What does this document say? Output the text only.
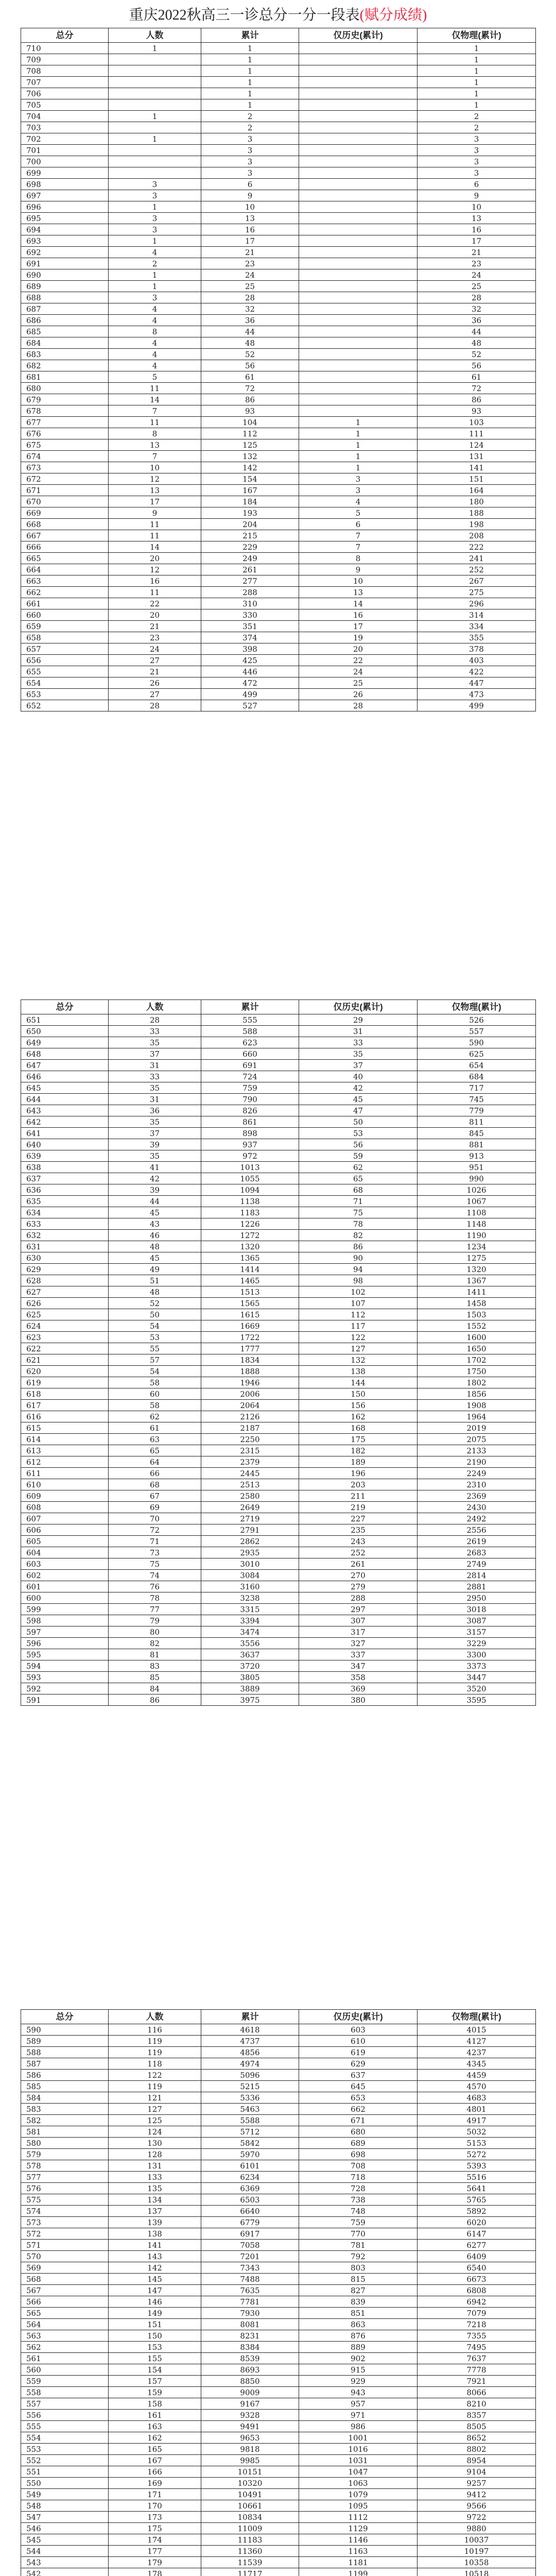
重庆2022秋高三一诊总分一分一段表(赋分成绩)
总分	人数	累计	仅历史(累计)	仅物理(累计)
710	1	1		1
709		1		1
708		1		1
707		1		1
706		1		1
705		1		1
704	1	2		2
703		2		2
702	1	3		3
701		3		3
700		3		3
699		3		3
698	3	6		6
697	3	9		9
696	1	10		10
695	3	13		13
694	3	16		16
693	1	17		17
692	4	21		21
691	2	23		23
690	1	24		24
689	1	25		25
688	3	28		28
687	4	32		32
686	4	36		36
685	8	44		44
684	4	48		48
683	4	52		52
682	4	56		56
681	5	61		61
680	11	72		72
679	14	86		86
678	7	93		93
677	11	104	1	103
676	8	112	1	111
675	13	125	1	124
674	7	132	1	131
673	10	142	1	141
672	12	154	3	151
671	13	167	3	164
670	17	184	4	180
669	9	193	5	188
668	11	204	6	198
667	11	215	7	208
666	14	229	7	222
665	20	249	8	241
664	12	261	9	252
663	16	277	10	267
662	11	288	13	275
661	22	310	14	296
660	20	330	16	314
659	21	351	17	334
658	23	374	19	355
657	24	398	20	378
656	27	425	22	403
655	21	446	24	422
654	26	472	25	447
653	27	499	26	473
652	28	527	28	499
总分	人数	累计	仅历史(累计)	仅物理(累计)
651	28	555	29	526
650	33	588	31	557
649	35	623	33	590
648	37	660	35	625
647	31	691	37	654
646	33	724	40	684
645	35	759	42	717
644	31	790	45	745
643	36	826	47	779
642	35	861	50	811
641	37	898	53	845
640	39	937	56	881
639	35	972	59	913
638	41	1013	62	951
637	42	1055	65	990
636	39	1094	68	1026
635	44	1138	71	1067
634	45	1183	75	1108
633	43	1226	78	1148
632	46	1272	82	1190
631	48	1320	86	1234
630	45	1365	90	1275
629	49	1414	94	1320
628	51	1465	98	1367
627	48	1513	102	1411
626	52	1565	107	1458
625	50	1615	112	1503
624	54	1669	117	1552
623	53	1722	122	1600
622	55	1777	127	1650
621	57	1834	132	1702
620	54	1888	138	1750
619	58	1946	144	1802
618	60	2006	150	1856
617	58	2064	156	1908
616	62	2126	162	1964
615	61	2187	168	2019
614	63	2250	175	2075
613	65	2315	182	2133
612	64	2379	189	2190
611	66	2445	196	2249
610	68	2513	203	2310
609	67	2580	211	2369
608	69	2649	219	2430
607	70	2719	227	2492
606	72	2791	235	2556
605	71	2862	243	2619
604	73	2935	252	2683
603	75	3010	261	2749
602	74	3084	270	2814
601	76	3160	279	2881
600	78	3238	288	2950
599	77	3315	297	3018
598	79	3394	307	3087
597	80	3474	317	3157
596	82	3556	327	3229
595	81	3637	337	3300
594	83	3720	347	3373
593	85	3805	358	3447
592	84	3889	369	3520
591	86	3975	380	3595
总分	人数	累计	仅历史(累计)	仅物理(累计)
590	116	4618	603	4015
589	119	4737	610	4127
588	119	4856	619	4237
587	118	4974	629	4345
586	122	5096	637	4459
585	119	5215	645	4570
584	121	5336	653	4683
583	127	5463	662	4801
582	125	5588	671	4917
581	124	5712	680	5032
580	130	5842	689	5153
579	128	5970	698	5272
578	131	6101	708	5393
577	133	6234	718	5516
576	135	6369	728	5641
575	134	6503	738	5765
574	137	6640	748	5892
573	139	6779	759	6020
572	138	6917	770	6147
571	141	7058	781	6277
570	143	7201	792	6409
569	142	7343	803	6540
568	145	7488	815	6673
567	147	7635	827	6808
566	146	7781	839	6942
565	149	7930	851	7079
564	151	8081	863	7218
563	150	8231	876	7355
562	153	8384	889	7495
561	155	8539	902	7637
560	154	8693	915	7778
559	157	8850	929	7921
558	159	9009	943	8066
557	158	9167	957	8210
556	161	9328	971	8357
555	163	9491	986	8505
554	162	9653	1001	8652
553	165	9818	1016	8802
552	167	9985	1031	8954
551	166	10151	1047	9104
550	169	10320	1063	9257
549	171	10491	1079	9412
548	170	10661	1095	9566
547	173	10834	1112	9722
546	175	11009	1129	9880
545	174	11183	1146	10037
544	177	11360	1163	10197
543	179	11539	1181	10358
542	178	11717	1199	10518
